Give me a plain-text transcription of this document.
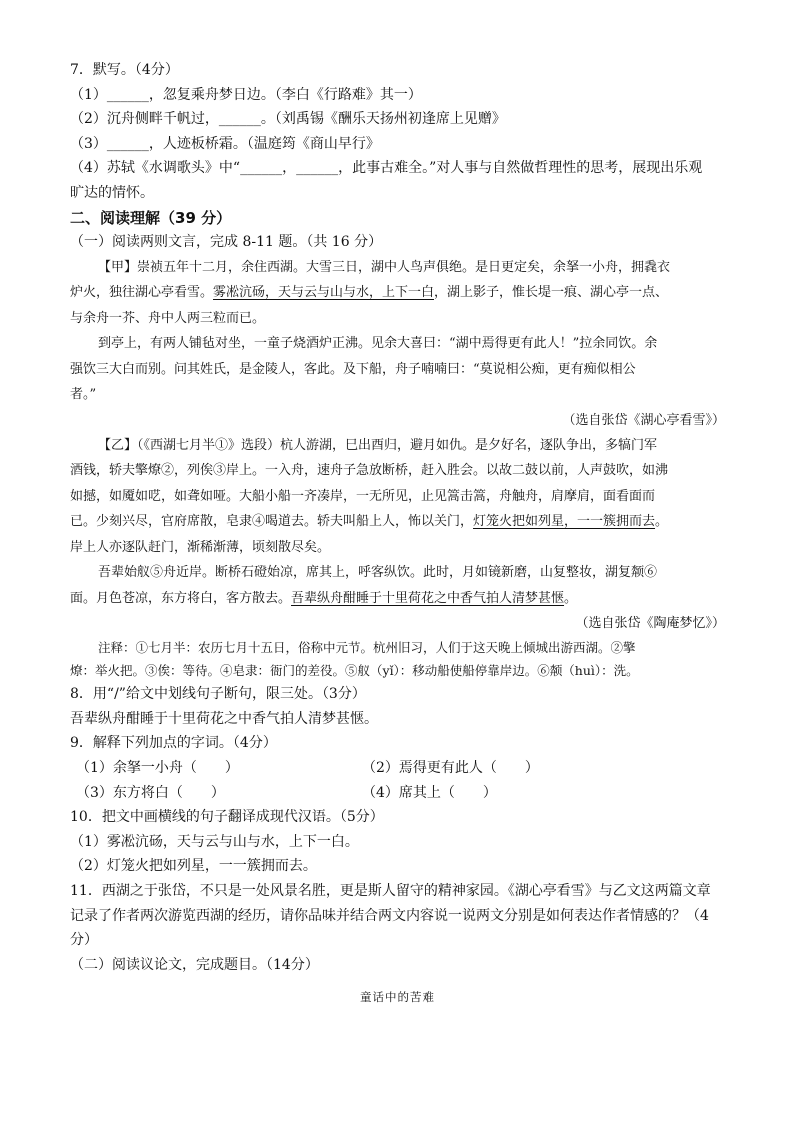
7．默写。（4分）
（1）______，忽复乘舟梦日边。（李白《行路难》其一）
（2）沉舟侧畔千帆过，______。（刘禹锡《酬乐天扬州初逢席上见赠》
（3）______，人迹板桥霜。（温庭筠《商山早行》
（4）苏轼《水调歌头》中“______，______，此事古难全。”对人事与自然做哲理性的思考，展现出乐观
旷达的情怀。
二、阅读理解（39 分）
（一）阅读两则文言，完成 8-11 题。（共 16 分）
【甲】崇祯五年十二月，余住西湖。大雪三日，湖中人鸟声俱绝。是日更定矣，余拏一小舟，拥毳衣
炉火，独往湖心亭看雪。雾凇沆砀，天与云与山与水，上下一白，湖上影子，惟长堤一痕、湖心亭一点、
与余舟一芥、舟中人两三粒而已。
到亭上，有两人铺毡对坐，一童子烧酒炉正沸。见余大喜曰：“湖中焉得更有此人！”拉余同饮。余
强饮三大白而别。问其姓氏，是金陵人，客此。及下船，舟子喃喃曰：“莫说相公痴，更有痴似相公
者。”
（选自张岱《湖心亭看雪》）
【乙】（《西湖七月半①》选段）杭人游湖，巳出酉归，避月如仇。是夕好名，逐队争出，多犒门军
酒钱，轿夫擎燎②，列俟③岸上。一入舟，速舟子急放断桥，赶入胜会。以故二鼓以前，人声鼓吹，如沸
如撼，如魇如呓，如聋如哑。大船小船一齐凑岸，一无所见，止见篙击篙，舟触舟，肩摩肩，面看面而
已。少刻兴尽，官府席散，皂隶④喝道去。轿夫叫船上人，怖以关门，灯笼火把如列星，一一簇拥而去。
岸上人亦逐队赶门，渐稀渐薄，顷刻散尽矣。
吾辈始舣⑤舟近岸。断桥石磴始凉，席其上，呼客纵饮。此时，月如镜新磨，山复整妆，湖复颒⑥
面。月色苍凉，东方将白，客方散去。吾辈纵舟酣睡于十里荷花之中香气拍人清梦甚惬。
（选自张岱《陶庵梦忆》）
注释：①七月半：农历七月十五日，俗称中元节。杭州旧习，人们于这天晚上倾城出游西湖。②擎
燎：举火把。③俟：等待。④皂隶：衙门的差役。⑤舣（yǐ）：移动船使船停靠岸边。⑥颒（huì）：洗。
8．用“/”给文中划线句子断句，限三处。（3分）
吾辈纵舟酣睡于十里荷花之中香气拍人清梦甚惬。
9．解释下列加点的字词。（4分）
（1）余拏一小舟（　　）	（2）焉得更有此人（　　）
（3）东方将白（　　）	（4）席其上（　　）
10．把文中画横线的句子翻译成现代汉语。（5分）
（1）雾凇沆砀，天与云与山与水，上下一白。
（2）灯笼火把如列星，一一簇拥而去。
11．西湖之于张岱，不只是一处风景名胜，更是斯人留守的精神家园。《湖心亭看雪》与乙文这两篇文章
记录了作者两次游览西湖的经历，请你品味并结合两文内容说一说两文分别是如何表达作者情感的？（4
分）
（二）阅读议论文，完成题目。（14分）
童话中的苦难
